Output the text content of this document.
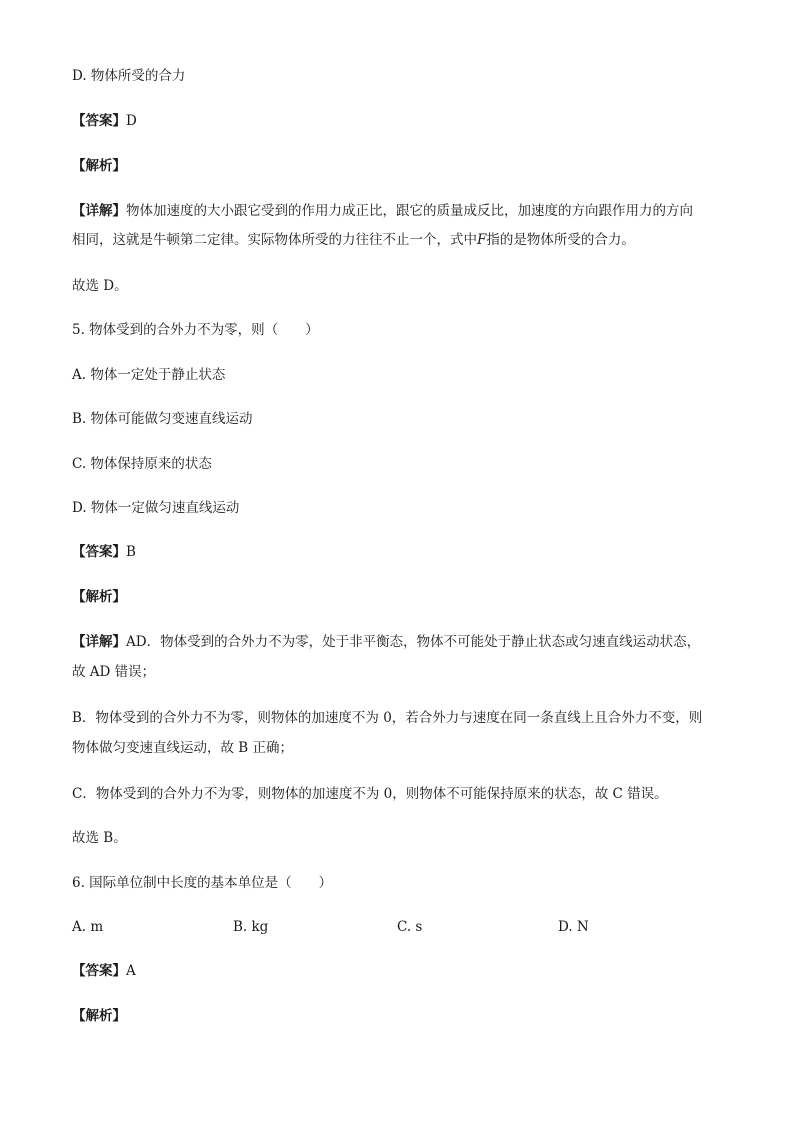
D. 物体所受的合力
【答案】D
【解析】
【详解】物体加速度的大小跟它受到的作用力成正比，跟它的质量成反比，加速度的方向跟作用力的方向
相同，这就是牛顿第二定律。实际物体所受的力往往不止一个，式中F指的是物体所受的合力。
故选 D。
5. 物体受到的合外力不为零，则（　　）
A. 物体一定处于静止状态
B. 物体可能做匀变速直线运动
C. 物体保持原来的状态
D. 物体一定做匀速直线运动
【答案】B
【解析】
【详解】AD．物体受到的合外力不为零，处于非平衡态，物体不可能处于静止状态或匀速直线运动状态，
故 AD 错误；
B．物体受到的合外力不为零，则物体的加速度不为 0，若合外力与速度在同一条直线上且合外力不变，则
物体做匀变速直线运动，故 B 正确；
C．物体受到的合外力不为零，则物体的加速度不为 0，则物体不可能保持原来的状态，故 C 错误。
故选 B。
6. 国际单位制中长度的基本单位是（　　）
A. m	B. kg	C. s	D. N
【答案】A
【解析】
